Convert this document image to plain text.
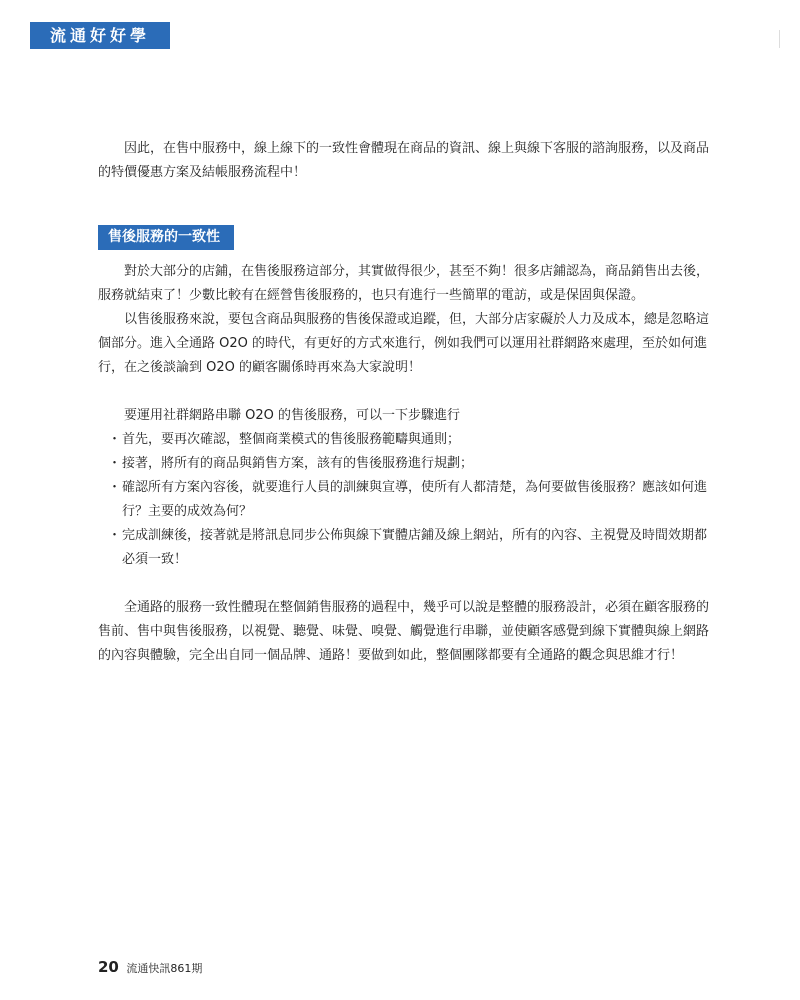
流通好好學

因此，在售中服務中，線上線下的一致性會體現在商品的資訊、線上與線下客服的諮詢服務，以及商品的特價優惠方案及結帳服務流程中！

售後服務的一致性

對於大部分的店鋪，在售後服務這部分，其實做得很少，甚至不夠！很多店鋪認為，商品銷售出去後，服務就結束了！少數比較有在經營售後服務的，也只有進行一些簡單的電訪，或是保固與保證。

以售後服務來說，要包含商品與服務的售後保證或追蹤，但，大部分店家礙於人力及成本，總是忽略這個部分。進入全通路 O2O 的時代，有更好的方式來進行，例如我們可以運用社群網路來處理，至於如何進行，在之後談論到 O2O 的顧客關係時再來為大家說明！

要運用社群網路串聯 O2O 的售後服務，可以一下步驟進行

・ 首先，要再次確認，整個商業模式的售後服務範疇與通則；
・ 接著，將所有的商品與銷售方案，該有的售後服務進行規劃；
・ 確認所有方案內容後，就要進行人員的訓練與宣導，使所有人都清楚，為何要做售後服務？應該如何進行？主要的成效為何？
・ 完成訓練後，接著就是將訊息同步公佈與線下實體店鋪及線上網站，所有的內容、主視覺及時間效期都必須一致！

全通路的服務一致性體現在整個銷售服務的過程中，幾乎可以說是整體的服務設計，必須在顧客服務的售前、售中與售後服務，以視覺、聽覺、味覺、嗅覺、觸覺進行串聯，並使顧客感覺到線下實體與線上網路的內容與體驗，完全出自同一個品牌、通路！要做到如此，整個團隊都要有全通路的觀念與思維才行！

20 流通快訊861期
